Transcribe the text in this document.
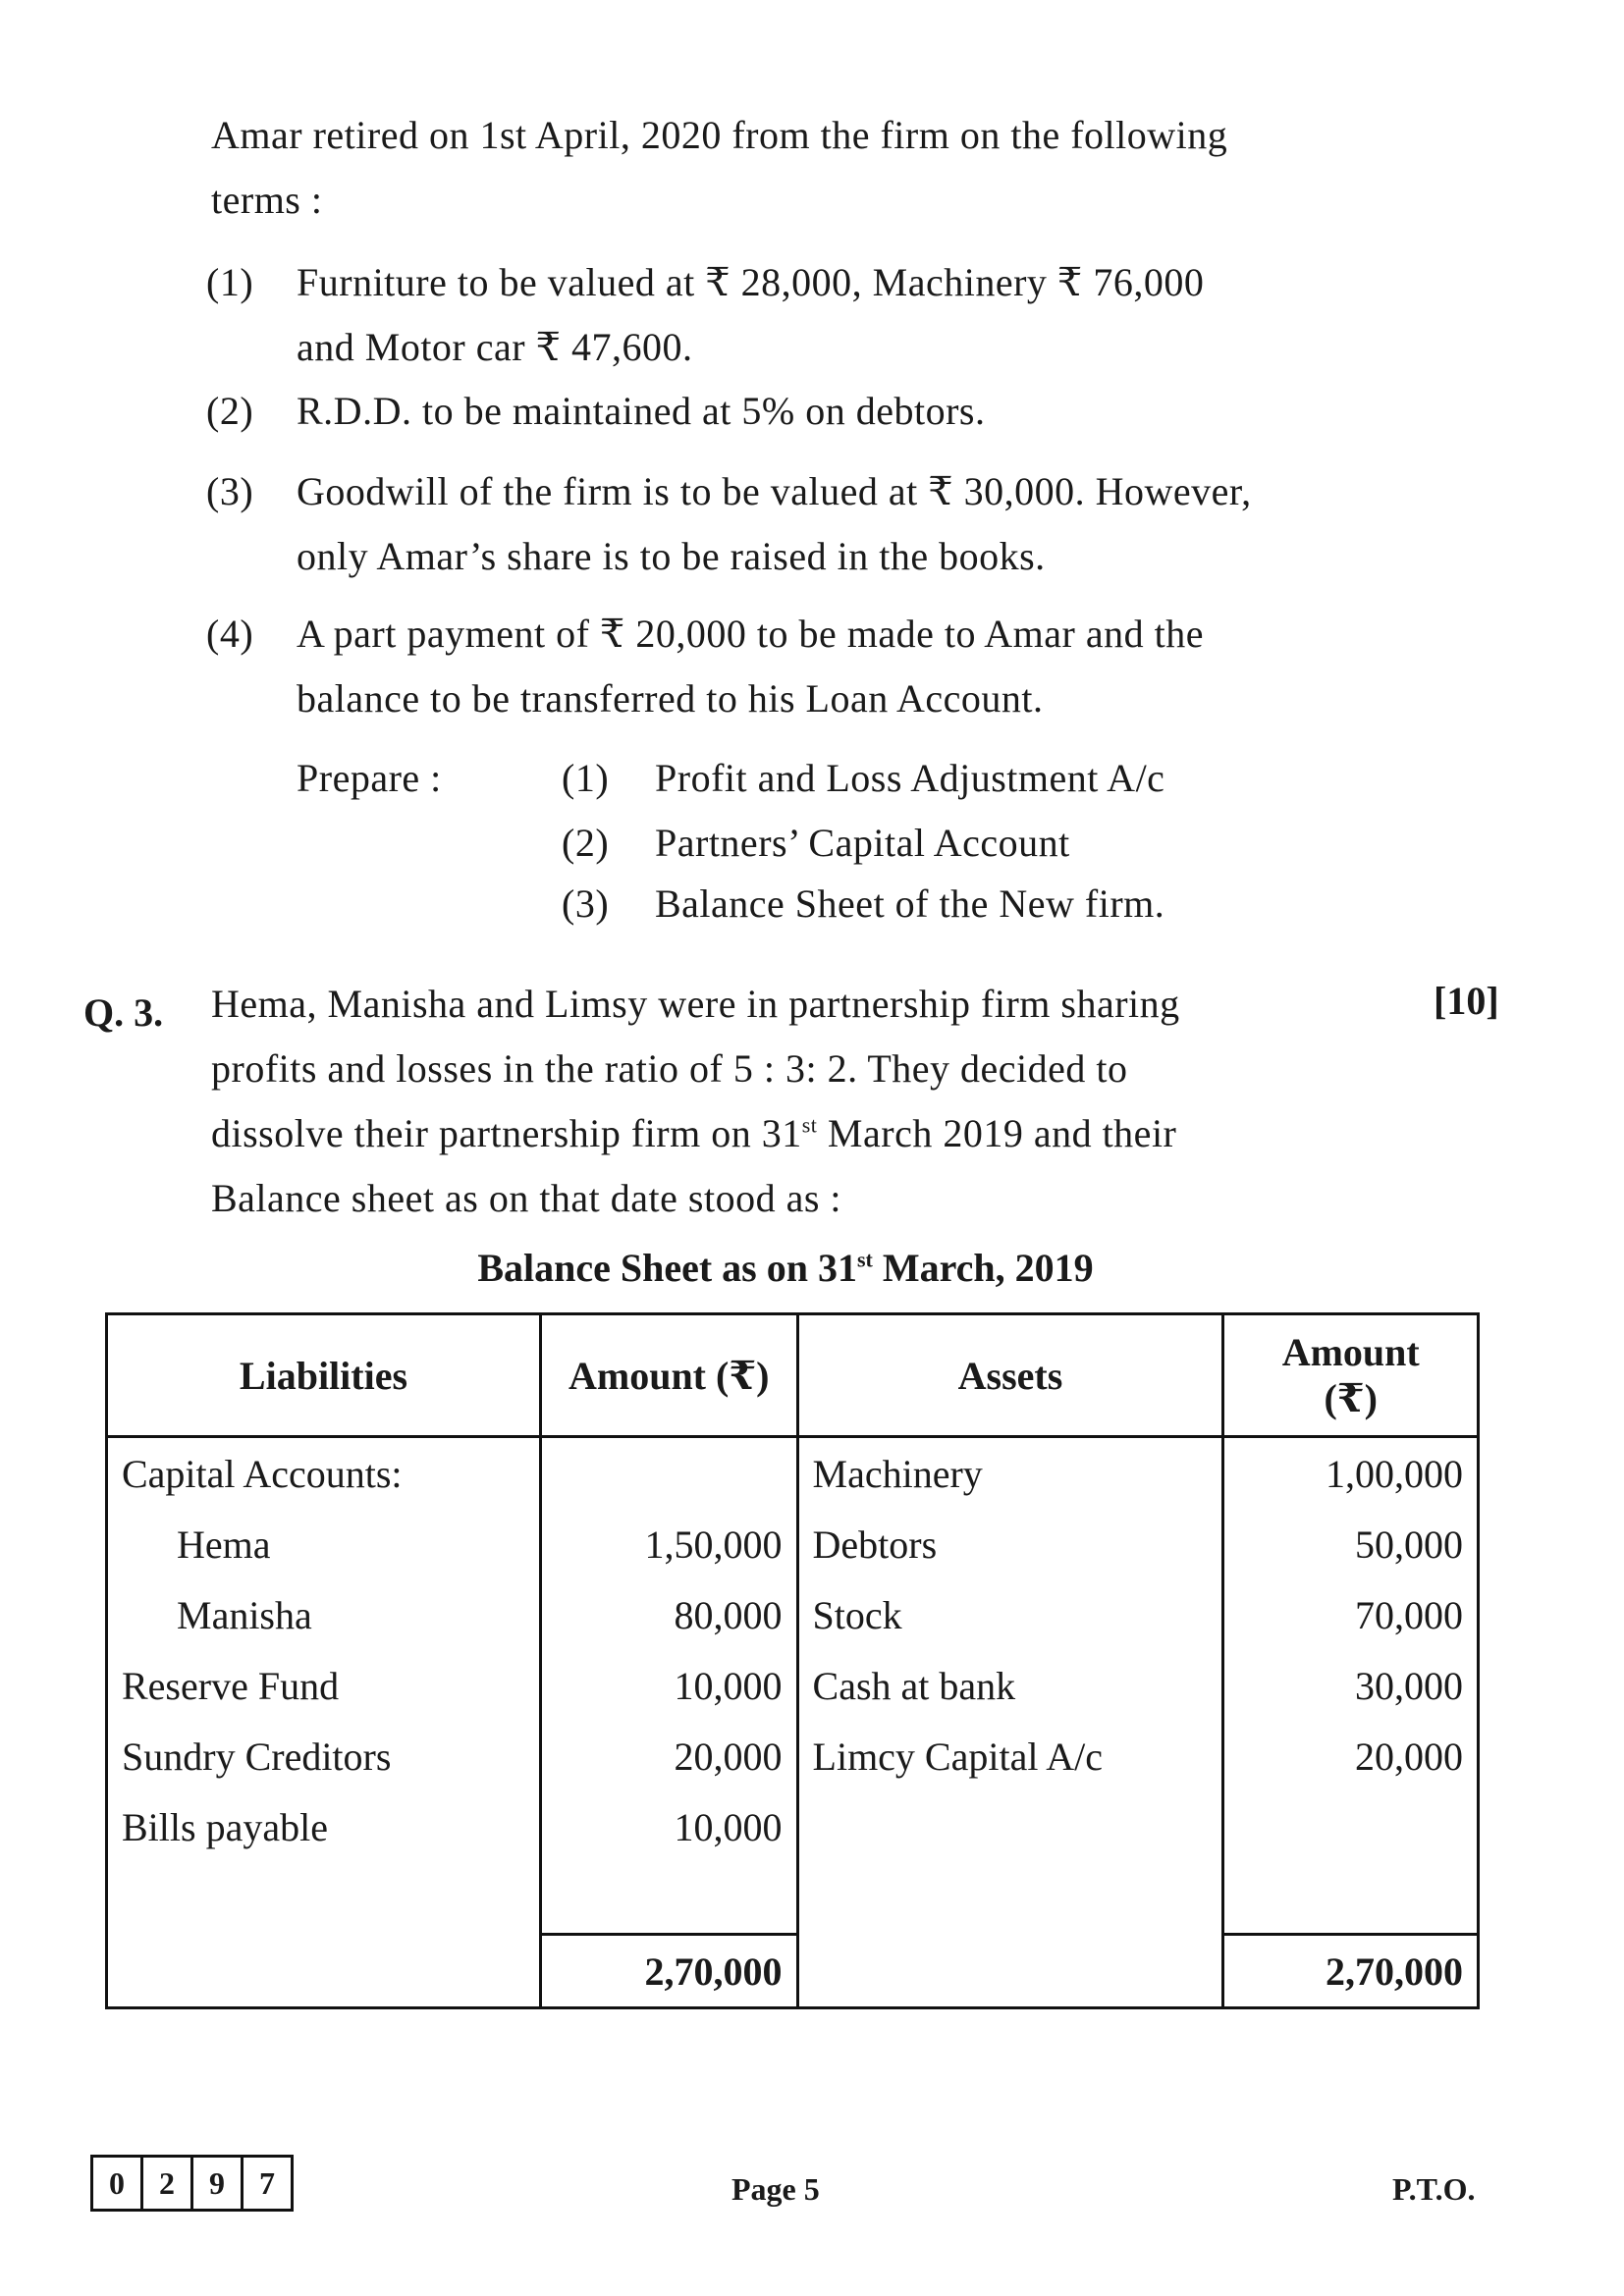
Amar retired on 1st April, 2020 from the firm on the following
terms :
(1) Furniture to be valued at ₹ 28,000, Machinery ₹ 76,000
and Motor car ₹ 47,600.
(2) R.D.D. to be maintained at 5% on debtors.
(3) Goodwill of the firm is to be valued at ₹ 30,000. However,
only Amar’s share is to be raised in the books.
(4) A part payment of ₹ 20,000 to be made to Amar and the
balance to be transferred to his Loan Account.
Prepare :	(1) Profit and Loss Adjustment A/c
(2) Partners’ Capital Account
(3) Balance Sheet of the New firm.
Q. 3.	[10]
Hema, Manisha and Limsy were in partnership firm sharing
profits and losses in the ratio of 5 : 3: 2. They decided to
dissolve their partnership firm on 31st March 2019 and their
Balance sheet as on that date stood as :
Balance Sheet as on 31st March, 2019
Liabilities	Amount (₹)	Assets	Amount
(₹)

Capital Accounts:		Machinery	1,00,000
Hema	1,50,000	Debtors	50,000
Manisha	80,000	Stock	70,000
Reserve Fund	10,000	Cash at bank	30,000
Sundry Creditors	20,000	Limcy Capital A/c	20,000
Bills payable	10,000		

	2,70,000		2,70,000
0	2	9	7	Page 5	P.T.O.
